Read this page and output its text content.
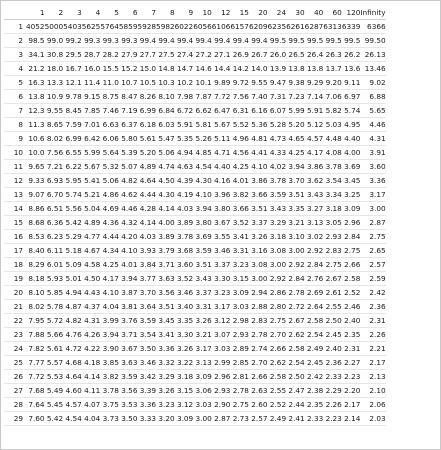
	1	2	3	4	5	6	7	8	9	10	12	15	20	24	30	40	60	120	Infinity
1	4052	5000	5403	5625	5764	5859	5928	5982	6022	6056	6106	6157	6209	6235	6261	6287	6313	6339	6366
2	98.5	99.0	99.2	99.3	99.3	99.3	99.4	99.4	99.4	99.4	99.4	99.4	99.4	99.5	99.5	99.5	99.5	99.5	99.50
3	34.1	30.8	29.5	28.7	28.2	27.9	27.7	27.5	27.4	27.2	27.1	26.9	26.7	26.0	26.5	26.4	26.3	26.2	26.13
4	21.2	18.0	16.7	16.0	15.5	15.2	15.0	14.8	14.7	14.6	14.4	14.2	14.0	13.9	13.8	13.8	13.7	13.6	13.46
5	16.3	13.3	12.1	11.4	11.0	10.7	10.5	10.3	10.2	10.1	9.89	9.72	9.55	9.47	9.38	9.29	9.20	9.11	9.02
6	13.8	10.9	9.78	9.15	8.75	8.47	8.26	8.10	7.98	7.87	7.72	7.56	7.40	7.31	7.23	7.14	7.06	6.97	6.88
7	12.3	9.55	8.45	7.85	7.46	7.19	6.99	6.84	6.72	6.62	6.47	6.31	6.16	6.07	5.99	5.91	5.82	5.74	5.65
8	11.3	8.65	7.59	7.01	6.63	6.37	6.18	6.03	5.91	5.81	5.67	5.52	5.36	5.28	5.20	5.12	5.03	4.95	4.46
9	10.6	8.02	6.99	6.42	6.06	5.80	5.61	5.47	5.35	5.26	5.11	4.96	4.81	4.73	4.65	4.57	4.48	4.40	4.31
10	10.0	7.56	6.55	5.99	5.64	5.39	5.20	5.06	4.94	4.85	4.71	4.56	4.41	4.33	4.25	4.17	4.08	4.00	3.91
11	9.65	7.21	6.22	5.67	5.32	5.07	4.89	4.74	4.63	4.54	4.40	4.25	4.10	4.02	3.94	3.86	3.78	3.69	3.60
12	9.33	6.93	5.95	5.41	5.06	4.82	4.64	4.50	4.39	4.30	4.16	4.01	3.86	3.78	3.70	3.62	3.54	3.45	3.36
13	9.07	6.70	5.74	5.21	4.86	4.62	4.44	4.30	4.19	4.10	3.96	3.82	3.66	3.59	3.51	3.43	3.34	3.25	3.17
14	8.86	6.51	5.56	5.04	4.69	4.46	4.28	4.14	4.03	3.94	3.80	3.66	3.51	3.43	3.35	3.27	3.18	3.09	3.00
15	8.68	6.36	5.42	4.89	4.36	4.32	4.14	4.00	3.89	3.80	3.67	3.52	3.37	3.29	3.21	3.13	3.05	2.96	2.87
16	8.53	6.23	5.29	4.77	4.44	4.20	4.03	3.89	3.78	3.69	3.55	3.41	3.26	3.18	3.10	3.02	2.93	2.84	2.75
17	8.40	6.11	5.18	4.67	4.34	4.10	3.93	3.79	3.68	3.59	3.46	3.31	3.16	3.08	3.00	2.92	2.83	2.75	2.65
18	8.29	6.01	5.09	4.58	4.25	4.01	3.84	3.71	3.60	3.51	3.37	3.23	3.08	3.00	2.92	2.84	2.75	2.66	2.57
19	8.18	5.93	5.01	4.50	4.17	3.94	3.77	3.63	3.52	3.43	3.30	3.15	3.00	2.92	2.84	2.76	2.67	2.58	2.59
20	8.10	5.85	4.94	4.43	4.10	3.87	3.70	3.56	3.46	3.37	3.23	3.09	2.94	2.86	2.78	2.69	2.61	2.52	2.42
21	8.02	5.78	4.87	4.37	4.04	3.81	3.64	3.51	3.40	3.31	3.17	3.03	2.88	2.80	2.72	2.64	2.55	2.46	2.36
22	7.95	5.72	4.82	4.31	3.99	3.76	3.59	3.45	3.35	3.26	3.12	2.98	2.83	2.75	2.67	2.58	2.50	2.40	2.31
23	7.88	5.66	4.76	4.26	3.94	3.71	3.54	3.41	3.30	3.21	3.07	2.93	2.78	2.70	2.62	2.54	2.45	2.35	2.26
24	7.82	5.61	4.72	4.22	3.90	3.67	3.50	3.36	3.26	3.17	3.03	2.89	2.74	2.66	2.58	2.49	2.40	2.31	2.21
25	7.77	5.57	4.68	4.18	3.85	3.63	3.46	3.32	3.22	3.13	2.99	2.85	2.70	2.62	2.54	2.45	2.36	2.27	2.17
26	7.72	5.53	4.64	4.14	3.82	3.59	3.42	3.29	3.18	3.09	2.96	2.81	2.66	2.58	2.50	2.42	2.33	2.23	2.13
27	7.68	5.49	4.60	4.11	3.78	3.56	3.39	3.26	3.15	3.06	2.93	2.78	2.63	2.55	2.47	2.38	2.29	2.20	2.10
28	7.64	5.45	4.57	4.07	3.75	3.53	3.36	3.23	3.12	3.03	2.90	2.75	2.60	2.52	2.44	2.35	2.26	2.17	2.06
29	7.60	5.42	4.54	4.04	3.73	3.50	3.33	3.20	3.09	3.00	2.87	2.73	2.57	2.49	2.41	2.33	2.23	2.14	2.03
